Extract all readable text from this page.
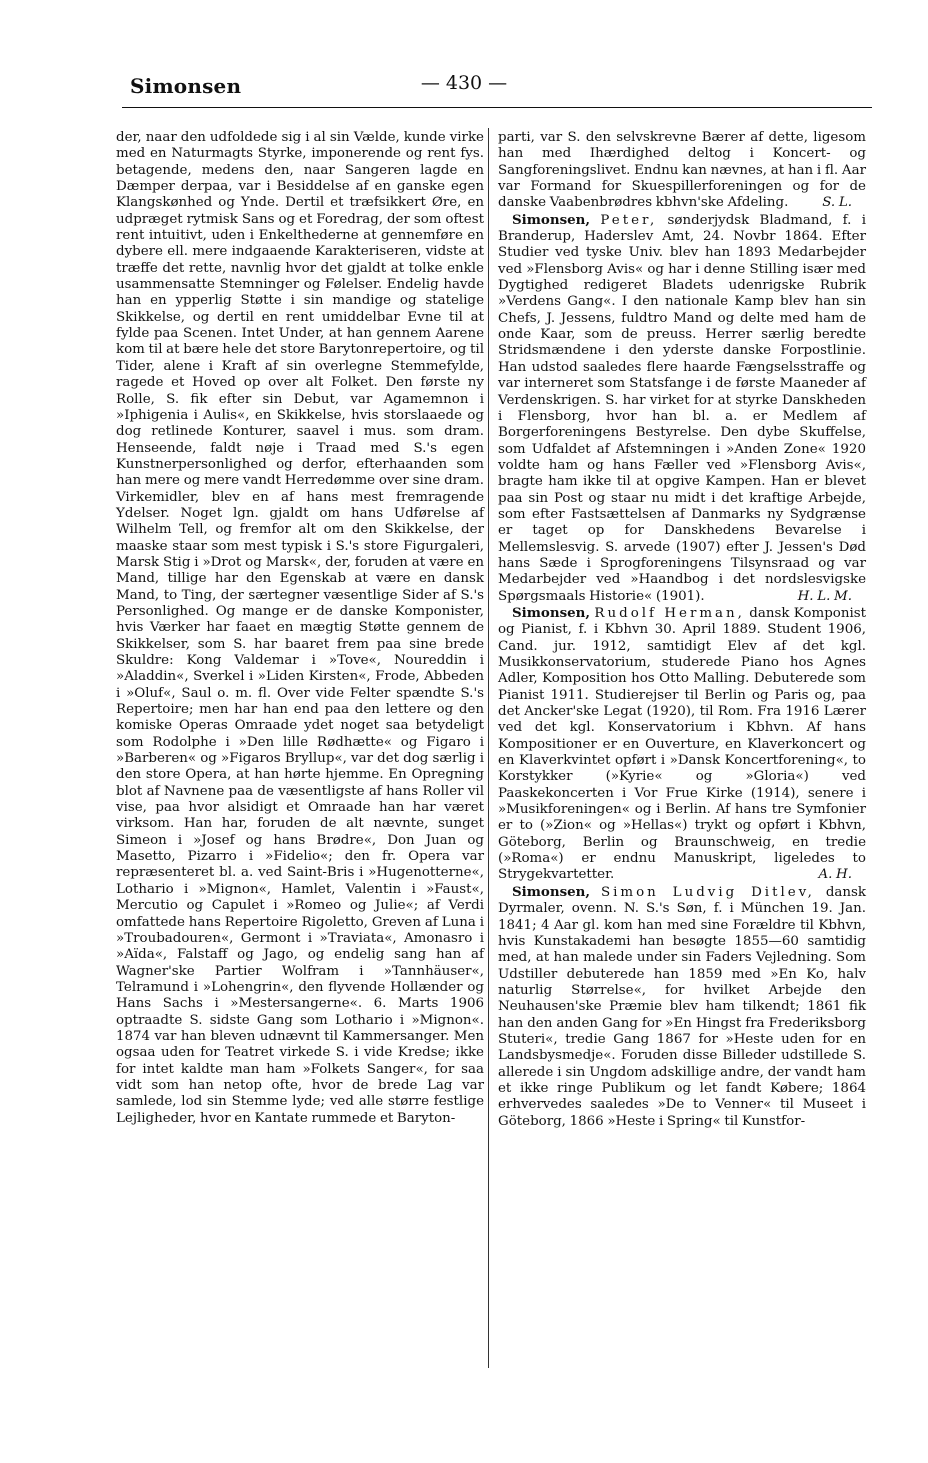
Simonsen	— 430 —

der, naar den udfoldede sig i al sin Vælde, kunde virke med en Naturmagts Styrke, imponerende og rent fys. betagende, medens den, naar Sangeren lagde en Dæmper derpaa, var i Besiddelse af en ganske egen Klangskønhed og Ynde. Dertil et træfsikkert Øre, en udpræget rytmisk Sans og et Foredrag, der som oftest rent intuitivt, uden i Enkelthederne at gennemføre en dybere ell. mere indgaaende Karakteriseren, vidste at træffe det rette, navnlig hvor det gjaldt at tolke enkle usammensatte Stemninger og Følelser. Endelig havde han en ypperlig Støtte i sin mandige og statelige Skikkelse, og dertil en rent umiddelbar Evne til at fylde paa Scenen. Intet Under, at han gennem Aarene kom til at bære hele det store Barytonrepertoire, og til Tider, alene i Kraft af sin overlegne Stemmefylde, ragede et Hoved op over alt Folket. Den første ny Rolle, S. fik efter sin Debut, var Agamemnon i »Iphigenia i Aulis«, en Skikkelse, hvis storslaaede og dog retlinede Konturer, saavel i mus. som dram. Henseende, faldt nøje i Traad med S.'s egen Kunstnerpersonlighed og derfor, efterhaanden som han mere og mere vandt Herredømme over sine dram. Virkemidler, blev en af hans mest fremragende Ydelser. Noget lgn. gjaldt om hans Udførelse af Wilhelm Tell, og fremfor alt om den Skikkelse, der maaske staar som mest typisk i S.'s store Figurgaleri, Marsk Stig i »Drot og Marsk«, der, foruden at være en Mand, tillige har den Egenskab at være en dansk Mand, to Ting, der særtegner væsentlige Sider af S.'s Personlighed. Og mange er de danske Komponister, hvis Værker har faaet en mægtig Støtte gennem de Skikkelser, som S. har baaret frem paa sine brede Skuldre: Kong Valdemar i »Tove«, Noureddin i »Aladdin«, Sverkel i »Liden Kirsten«, Frode, Abbeden i »Oluf«, Saul o. m. fl. Over vide Felter spændte S.'s Repertoire; men har han end paa den lettere og den komiske Operas Omraade ydet noget saa betydeligt som Rodolphe i »Den lille Rødhætte« og Figaro i »Barberen« og »Figaros Bryllup«, var det dog særlig i den store Opera, at han hørte hjemme. En Opregning blot af Navnene paa de væsentligste af hans Roller vil vise, paa hvor alsidigt et Omraade han har været virksom. Han har, foruden de alt nævnte, sunget Simeon i »Josef og hans Brødre«, Don Juan og Masetto, Pizarro i »Fidelio«; den fr. Opera var repræsenteret bl. a. ved Saint-Bris i »Hugenotterne«, Lothario i »Mignon«, Hamlet, Valentin i »Faust«, Mercutio og Capulet i »Romeo og Julie«; af Verdi omfattede hans Repertoire Rigoletto, Greven af Luna i »Troubadouren«, Germont i »Traviata«, Amonasro i »Aïda«, Falstaff og Jago, og endelig sang han af Wagner'ske Partier Wolfram i »Tannhäuser«, Telramund i »Lohengrin«, den flyvende Hollænder og Hans Sachs i »Mestersangerne«. 6. Marts 1906 optraadte S. sidste Gang som Lothario i »Mignon«. 1874 var han bleven udnævnt til Kammersanger. Men ogsaa uden for Teatret virkede S. i vide Kredse; ikke for intet kaldte man ham »Folkets Sanger«, for saa vidt som han netop ofte, hvor de brede Lag var samlede, lod sin Stemme lyde; ved alle større festlige Lejligheder, hvor en Kantate rummede et Baryton-

parti, var S. den selvskrevne Bærer af dette, ligesom han med Ihærdighed deltog i Koncert- og Sangforeningslivet. Endnu kan nævnes, at han i fl. Aar var Formand for Skuespillerforeningen og for de danske Vaabenbrødres kbhvn'ske Afdeling.	S. L.

Simonsen, Peter, sønderjydsk Bladmand, f. i Branderup, Haderslev Amt, 24. Novbr 1864. Efter Studier ved tyske Univ. blev han 1893 Medarbejder ved »Flensborg Avis« og har i denne Stilling især med Dygtighed redigeret Bladets udenrigske Rubrik »Verdens Gang«. I den nationale Kamp blev han sin Chefs, J. Jessens, fuldtro Mand og delte med ham de onde Kaar, som de preuss. Herrer særlig beredte Stridsmændene i den yderste danske Forpostlinie. Han udstod saaledes flere haarde Fængselsstraffe og var interneret som Statsfange i de første Maaneder af Verdenskrigen. S. har virket for at styrke Danskheden i Flensborg, hvor han bl. a. er Medlem af Borgerforeningens Bestyrelse. Den dybe Skuffelse, som Udfaldet af Afstemningen i »Anden Zone« 1920 voldte ham og hans Fæller ved »Flensborg Avis«, bragte ham ikke til at opgive Kampen. Han er blevet paa sin Post og staar nu midt i det kraftige Arbejde, som efter Fastsættelsen af Danmarks ny Sydgrænse er taget op for Danskhedens Bevarelse i Mellemslesvig. S. arvede (1907) efter J. Jessen's Død hans Sæde i Sprogforeningens Tilsynsraad og var Medarbejder ved »Haandbog i det nordslesvigske Spørgsmaals Historie« (1901).	H. L. M.

Simonsen, Rudolf Herman, dansk Komponist og Pianist, f. i Kbhvn 30. April 1889. Student 1906, Cand. jur. 1912, samtidigt Elev af det kgl. Musikkonservatorium, studerede Piano hos Agnes Adler, Komposition hos Otto Malling. Debuterede som Pianist 1911. Studierejser til Berlin og Paris og, paa det Ancker'ske Legat (1920), til Rom. Fra 1916 Lærer ved det kgl. Konservatorium i Kbhvn. Af hans Kompositioner er en Ouverture, en Klaverkoncert og en Klaverkvintet opført i »Dansk Koncertforening«, to Korstykker (»Kyrie« og »Gloria«) ved Paaskekoncerten i Vor Frue Kirke (1914), senere i »Musikforeningen« og i Berlin. Af hans tre Symfonier er to (»Zion« og »Hellas«) trykt og opført i Kbhvn, Göteborg, Berlin og Braunschweig, en tredie (»Roma«) er endnu Manuskript, ligeledes to Strygekvartetter.	A. H.

Simonsen, Simon Ludvig Ditlev, dansk Dyrmaler, ovenn. N. S.'s Søn, f. i München 19. Jan. 1841; 4 Aar gl. kom han med sine Forældre til Kbhvn, hvis Kunstakademi han besøgte 1855—60 samtidig med, at han malede under sin Faders Vejledning. Som Udstiller debuterede han 1859 med »En Ko, halv naturlig Størrelse«, for hvilket Arbejde den Neuhausen'ske Præmie blev ham tilkendt; 1861 fik han den anden Gang for »En Hingst fra Frederiksborg Stuteri«, tredie Gang 1867 for »Heste uden for en Landsbysmedje«. Foruden disse Billeder udstillede S. allerede i sin Ungdom adskillige andre, der vandt ham et ikke ringe Publikum og let fandt Købere; 1864 erhvervedes saaledes »De to Venner« til Museet i Göteborg, 1866 »Heste i Spring« til Kunstfor-
